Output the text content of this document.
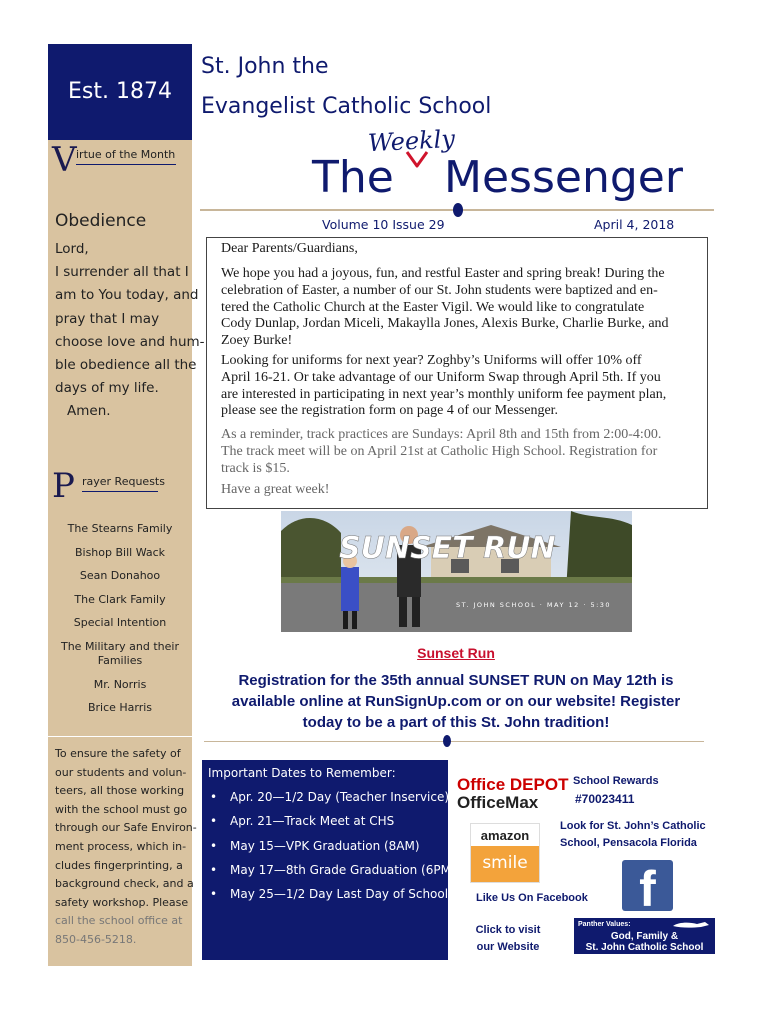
Est. 1874
V irtue of the Month
Obedience
Lord,
I surrender all that I
am to You today, and
pray that I may
choose love and hum-
ble obedience all the
days of my life.
Amen.
P rayer Requests
The Stearns Family
Bishop Bill Wack
Sean Donahoo
The Clark Family
Special Intention
The Military and their Families
Mr. Norris
Brice Harris
To ensure the safety of
our students and volun-
teers, all those working
with the school must go
through our Safe Environ-
ment process, which in-
cludes fingerprinting, a
background check, and a
safety workshop. Please
call the school office at
850-456-5218.
St. John the
Evangelist Catholic School
Weekly
The Messenger
Volume 10 Issue 29	April 4, 2018
Dear Parents/Guardians,
We hope you had a joyous, fun, and restful Easter and spring break! During the
celebration of Easter, a number of our St. John students were baptized and en-
tered the Catholic Church at the Easter Vigil. We would like to congratulate
Cody Dunlap, Jordan Miceli, Makaylla Jones, Alexis Burke, Charlie Burke, and
Zoey Burke!
Looking for uniforms for next year? Zoghby’s Uniforms will offer 10% off
April 16-21. Or take advantage of our Uniform Swap through April 5th. If you
are interested in participating in next year’s monthly uniform fee payment plan,
please see the registration form on page 4 of our Messenger.
As a reminder, track practices are Sundays: April 8th and 15th from 2:00-4:00.
The track meet will be on April 21st at Catholic High School. Registration for
track is $15.
Have a great week!
SUNSET RUN
ST. JOHN SCHOOL · MAY 12 · 5:30
Sunset Run
Registration for the 35th annual SUNSET RUN on May 12th is
available online at RunSignUp.com or on our website! Register
today to be a part of this St. John tradition!
Important Dates to Remember:
• Apr. 20—1/2 Day (Teacher Inservice)
• Apr. 21—Track Meet at CHS
• May 15—VPK Graduation (8AM)
• May 17—8th Grade Graduation (6PM)
• May 25—1/2 Day Last Day of School
Office DEPOT
OfficeMax
School Rewards
#70023411
amazon
smile
Look for St. John’s Catholic
School, Pensacola Florida
f
Like Us On Facebook
Click to visit
our Website
Panther Values:
God, Family &
St. John Catholic School
